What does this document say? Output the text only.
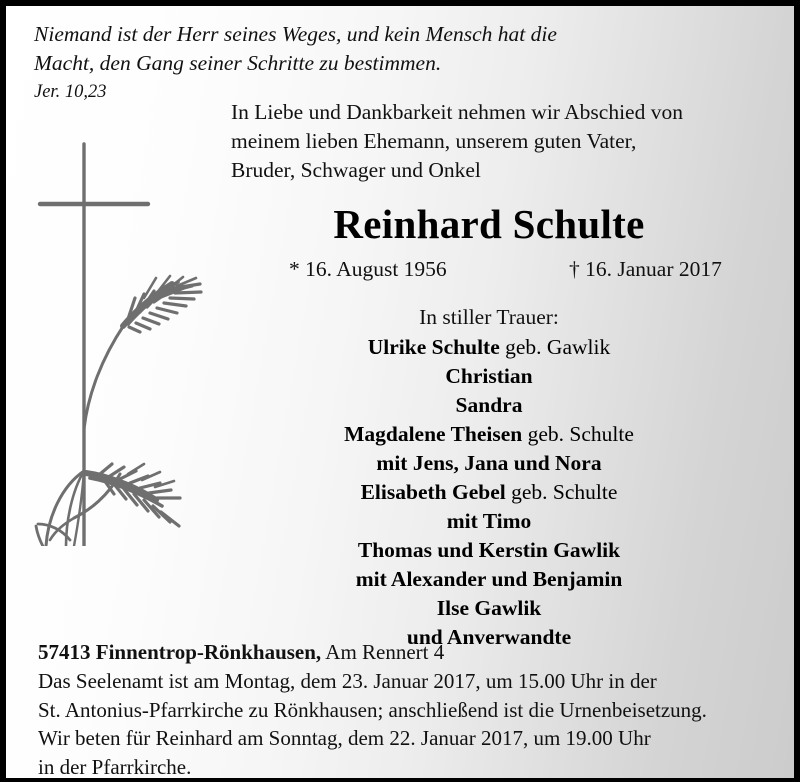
Niemand ist der Herr seines Weges, und kein Mensch hat die
Macht, den Gang seiner Schritte zu bestimmen.
Jer. 10,23
In Liebe und Dankbarkeit nehmen wir Abschied von
meinem lieben Ehemann, unserem guten Vater,
Bruder, Schwager und Onkel
Reinhard Schulte
* 16. August 1956	† 16. Januar 2017
In stiller Trauer:
Ulrike Schulte geb. Gawlik
Christian
Sandra
Magdalene Theisen geb. Schulte
mit Jens, Jana und Nora
Elisabeth Gebel geb. Schulte
mit Timo
Thomas und Kerstin Gawlik
mit Alexander und Benjamin
Ilse Gawlik
und Anverwandte
57413 Finnentrop-Rönkhausen, Am Rennert 4
Das Seelenamt ist am Montag, dem 23. Januar 2017, um 15.00 Uhr in der
St. Antonius-Pfarrkirche zu Rönkhausen; anschließend ist die Urnenbeisetzung.
Wir beten für Reinhard am Sonntag, dem 22. Januar 2017, um 19.00 Uhr
in der Pfarrkirche.
